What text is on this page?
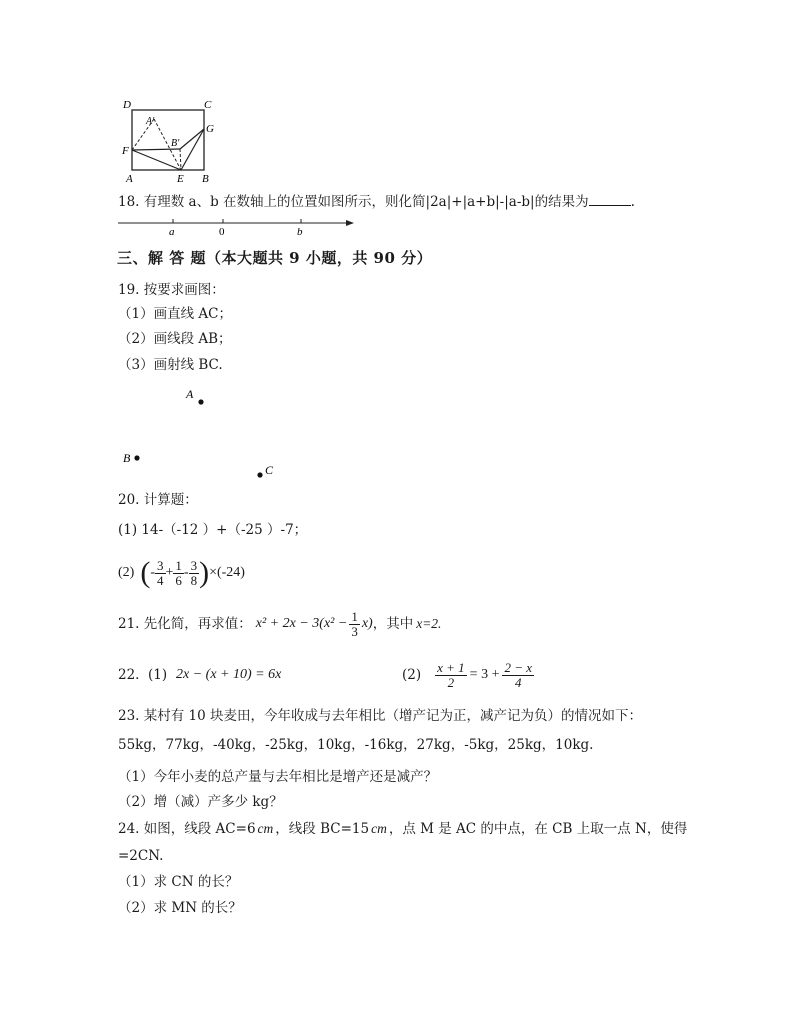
D	C
A'
G
B'
F
A	E B
18. 有理数 a、b 在数轴上的位置如图所示，则化简|2a|+|a+b|-|a-b|的结果为	.
a	0	b
三、解 答 题（本大题共 9 小题，共 90 分）
19. 按要求画图：
（1）画直线 AC；
（2）画线段 AB；
（3）画射线 BC.
A
B
C
20. 计算题：
(1) 14-（-12 ）+（-25 ）-7；
(2) ( - $\frac{3}{4} + \frac{1}{6} - \frac{3}{8}$ ) ×(-24)
21. 先化简，再求值： $x^2 + 2x - 3(x^2 - \frac{1}{3} x)$ ，其中 x=2.
22. (1) 2x − (x + 10) = 6x	$(2) \frac{x + 1}{2} = 3 + \frac{2 - x}{4}$
23. 某村有 10 块麦田，今年收成与去年相比（增产记为正，减产记为负）的情况如下：
55kg，77kg，-40kg，-25kg，10kg，-16kg，27kg，-5kg，25kg，10kg.
（1）今年小麦的总产量与去年相比是增产还是减产？
（2）增（减）产多少 kg？
24. 如图，线段 AC=6 cm ，线段 BC=15 cm ，点 M 是 AC 的中点，在 CB 上取一点 N，使得
=2CN.
（1）求 CN 的长？
（2）求 MN 的长？
